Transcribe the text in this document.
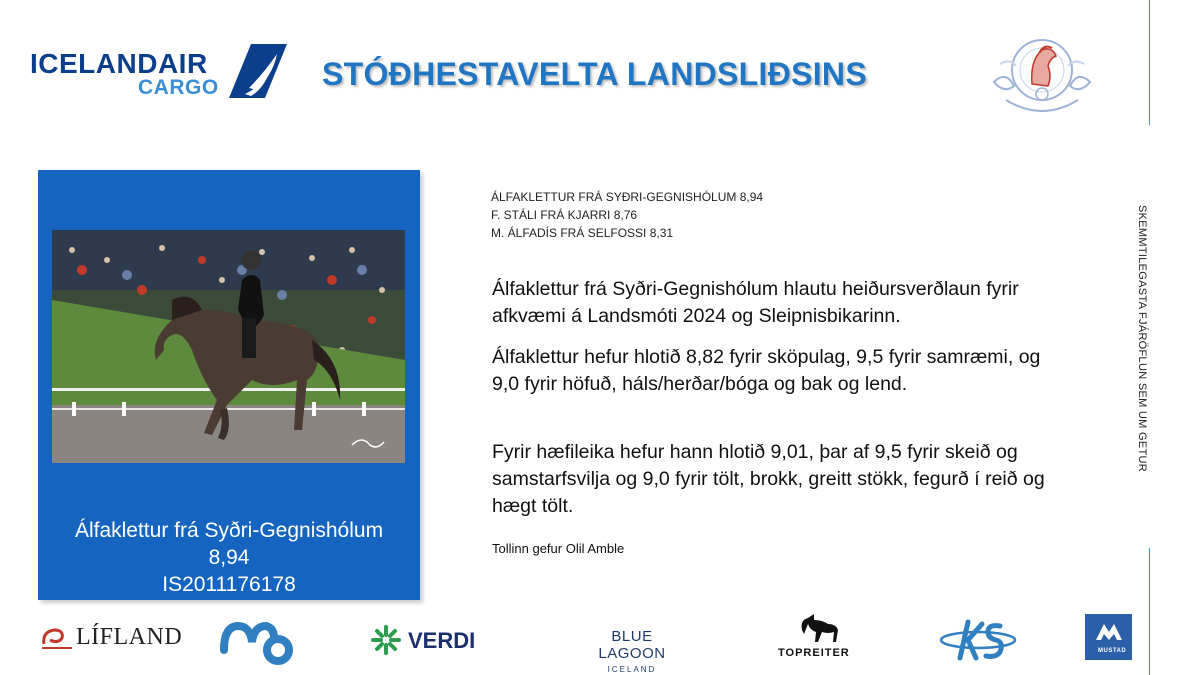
ICELANDAIR
CARGO	STÓÐHESTAVELTA LANDSLIÐSINS
SKEMMTILEGASTA FJÁRÖFLUN SEM UM GETUR
Álfaklettur frá Syðri-Gegnishólum
8,94
IS2011176178
ÁLFAKLETTUR FRÁ SYÐRI-GEGNISHÓLUM 8,94
F. STÁLI FRÁ KJARRI 8,76
M. ÁLFADÍS FRÁ SELFOSSI 8,31
Álfaklettur frá Syðri-Gegnishólum hlautu heiðursverðlaun fyrir afkvæmi á Landsmóti 2024 og Sleipnisbikarinn.
Álfaklettur hefur hlotið 8,82 fyrir sköpulag, 9,5 fyrir samræmi, og 9,0 fyrir höfuð, háls/herðar/bóga og bak og lend.
Fyrir hæfileika hefur hann hlotið 9,01, þar af 9,5 fyrir skeið og samstarfsvilja og 9,0 fyrir tölt, brokk, greitt stökk, fegurð í reið og hægt tölt.
Tollinn gefur Olil Amble
LÍFLAND	VERDI	BLUE LAGOON
ICELAND
TOPREITER	MUSTAD
